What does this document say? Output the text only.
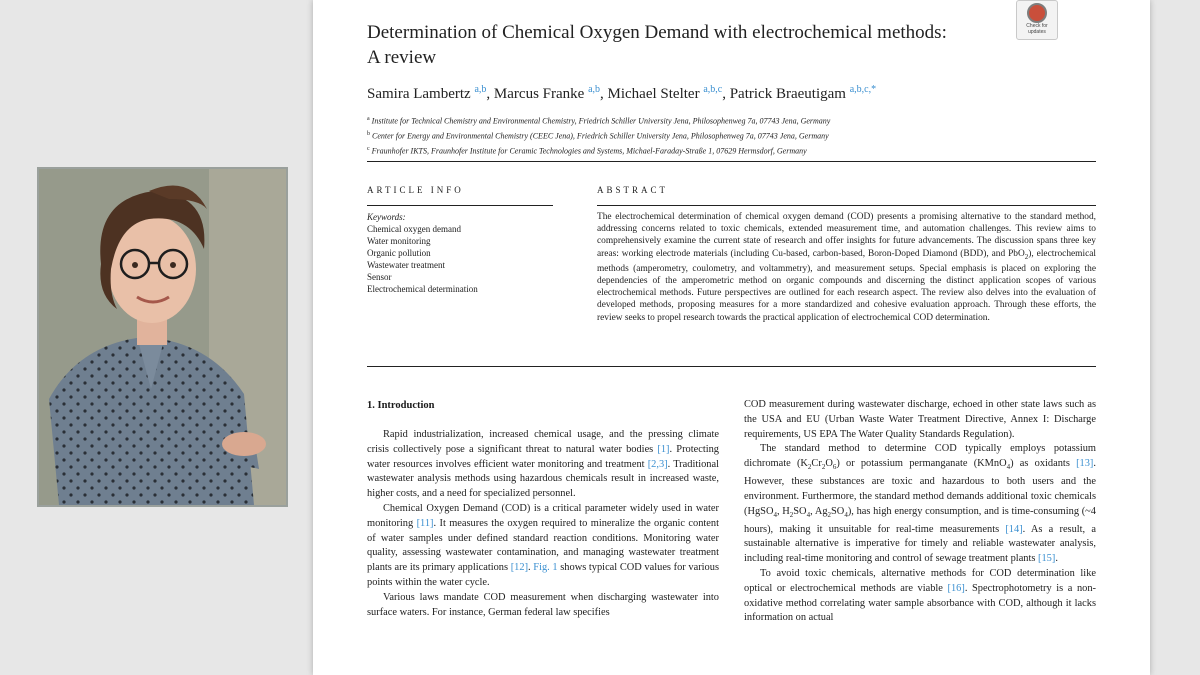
Determination of Chemical Oxygen Demand with electrochemical methods:
A review
Check for updates
Samira Lambertz $^{a,b}$, Marcus Franke $^{a,b}$, Michael Stelter $^{a,b,c}$, Patrick Braeutigam $^{a,b,c,*}$
$^a$ Institute for Technical Chemistry and Environmental Chemistry, Friedrich Schiller University Jena, Philosophenweg 7a, 07743 Jena, Germany
$^b$ Center for Energy and Environmental Chemistry (CEEC Jena), Friedrich Schiller University Jena, Philosophenweg 7a, 07743 Jena, Germany
$^c$ Fraunhofer IKTS, Fraunhofer Institute for Ceramic Technologies and Systems, Michael-Faraday-Straße 1, 07629 Hermsdorf, Germany
ARTICLE INFO	ABSTRACT
Keywords:
Chemical oxygen demand
Water monitoring
Organic pollution
Wastewater treatment
Sensor
Electrochemical determination
The electrochemical determination of chemical oxygen demand (COD) presents a promising alternative to the standard method, addressing concerns related to toxic chemicals, extended measurement time, and automation challenges. This review aims to comprehensively examine the current state of research and offer insights for future advancements. The discussion spans three key areas: working electrode materials (including Cu-based, carbon-based, Boron-Doped Diamond (BDD), and PbO$_2$), electrochemical methods (amperometry, coulometry, and voltammetry), and measurement setups. Special emphasis is placed on exploring the dependencies of the amperometric method on organic compounds and discerning the distinct application scopes of various electrochemical methods. Future perspectives are outlined for each research aspect. The review also delves into the evaluation of developed methods, proposing measures for a more standardized and cohesive evaluation approach. Through these efforts, the review seeks to propel research towards the practical application of electrochemical COD determination.
1. Introduction

Rapid industrialization, increased chemical usage, and the pressing climate crisis collectively pose a significant threat to natural water bodies [1]. Protecting water resources involves efficient water monitoring and treatment [2,3]. Traditional wastewater analysis methods using hazardous chemicals result in increased waste, higher costs, and a need for specialized personnel.

Chemical Oxygen Demand (COD) is a critical parameter widely used in water monitoring [11]. It measures the oxygen required to mineralize the organic content of water samples under defined standard reaction conditions. Monitoring water quality, assessing wastewater contamination, and managing wastewater treatment plants are its primary applications [12]. Fig. 1 shows typical COD values for various points within the water cycle.

Various laws mandate COD measurement when discharging wastewater into surface waters. For instance, German federal law specifies

COD measurement during wastewater discharge, echoed in other state laws such as the USA and EU (Urban Waste Water Treatment Directive, Annex I: Discharge requirements, US EPA The Water Quality Standards Regulation).

The standard method to determine COD typically employs potassium dichromate $(K_2Cr_2O_6)$ or potassium permanganate (KMnO$_4$) as oxidants [13]. However, these substances are toxic and hazardous to both users and the environment. Furthermore, the standard method demands additional toxic chemicals (HgSO$_4$, $H_2SO_4$, $Ag_2SO_4$), has high energy consumption, and is time-consuming (~4 hours), making it unsuitable for real-time measurements [14]. As a result, a sustainable alternative is imperative for timely and reliable wastewater analysis, including real-time monitoring and control of sewage treatment plants [15].

To avoid toxic chemicals, alternative methods for COD determination like optical or electrochemical methods are viable [16]. Spectrophotometry is a non-oxidative method correlating water sample absorbance with COD, although it lacks information on actual
